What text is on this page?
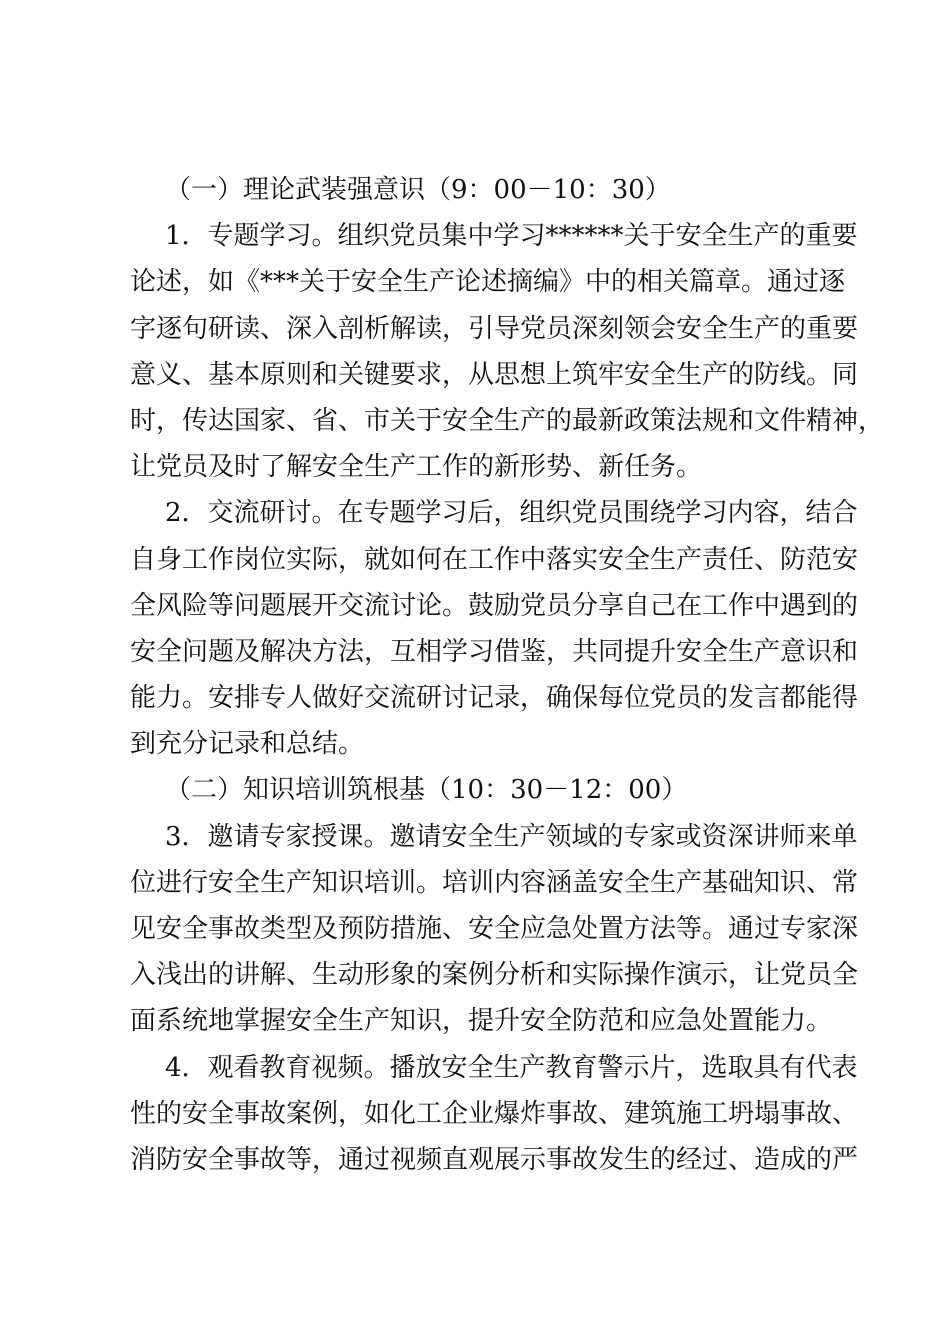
（一）理论武装强意识（9：00－10：30）
1．专题学习。组织党员集中学习******关于安全生产的重要
论述，如《***关于安全生产论述摘编》中的相关篇章。通过逐
字逐句研读、深入剖析解读，引导党员深刻领会安全生产的重要
意义、基本原则和关键要求，从思想上筑牢安全生产的防线。同
时，传达国家、省、市关于安全生产的最新政策法规和文件精神，
让党员及时了解安全生产工作的新形势、新任务。
2．交流研讨。在专题学习后，组织党员围绕学习内容，结合
自身工作岗位实际，就如何在工作中落实安全生产责任、防范安
全风险等问题展开交流讨论。鼓励党员分享自己在工作中遇到的
安全问题及解决方法，互相学习借鉴，共同提升安全生产意识和
能力。安排专人做好交流研讨记录，确保每位党员的发言都能得
到充分记录和总结。
（二）知识培训筑根基（10：30－12：00）
3．邀请专家授课。邀请安全生产领域的专家或资深讲师来单
位进行安全生产知识培训。培训内容涵盖安全生产基础知识、常
见安全事故类型及预防措施、安全应急处置方法等。通过专家深
入浅出的讲解、生动形象的案例分析和实际操作演示，让党员全
面系统地掌握安全生产知识，提升安全防范和应急处置能力。
4．观看教育视频。播放安全生产教育警示片，选取具有代表
性的安全事故案例，如化工企业爆炸事故、建筑施工坍塌事故、
消防安全事故等，通过视频直观展示事故发生的经过、造成的严
